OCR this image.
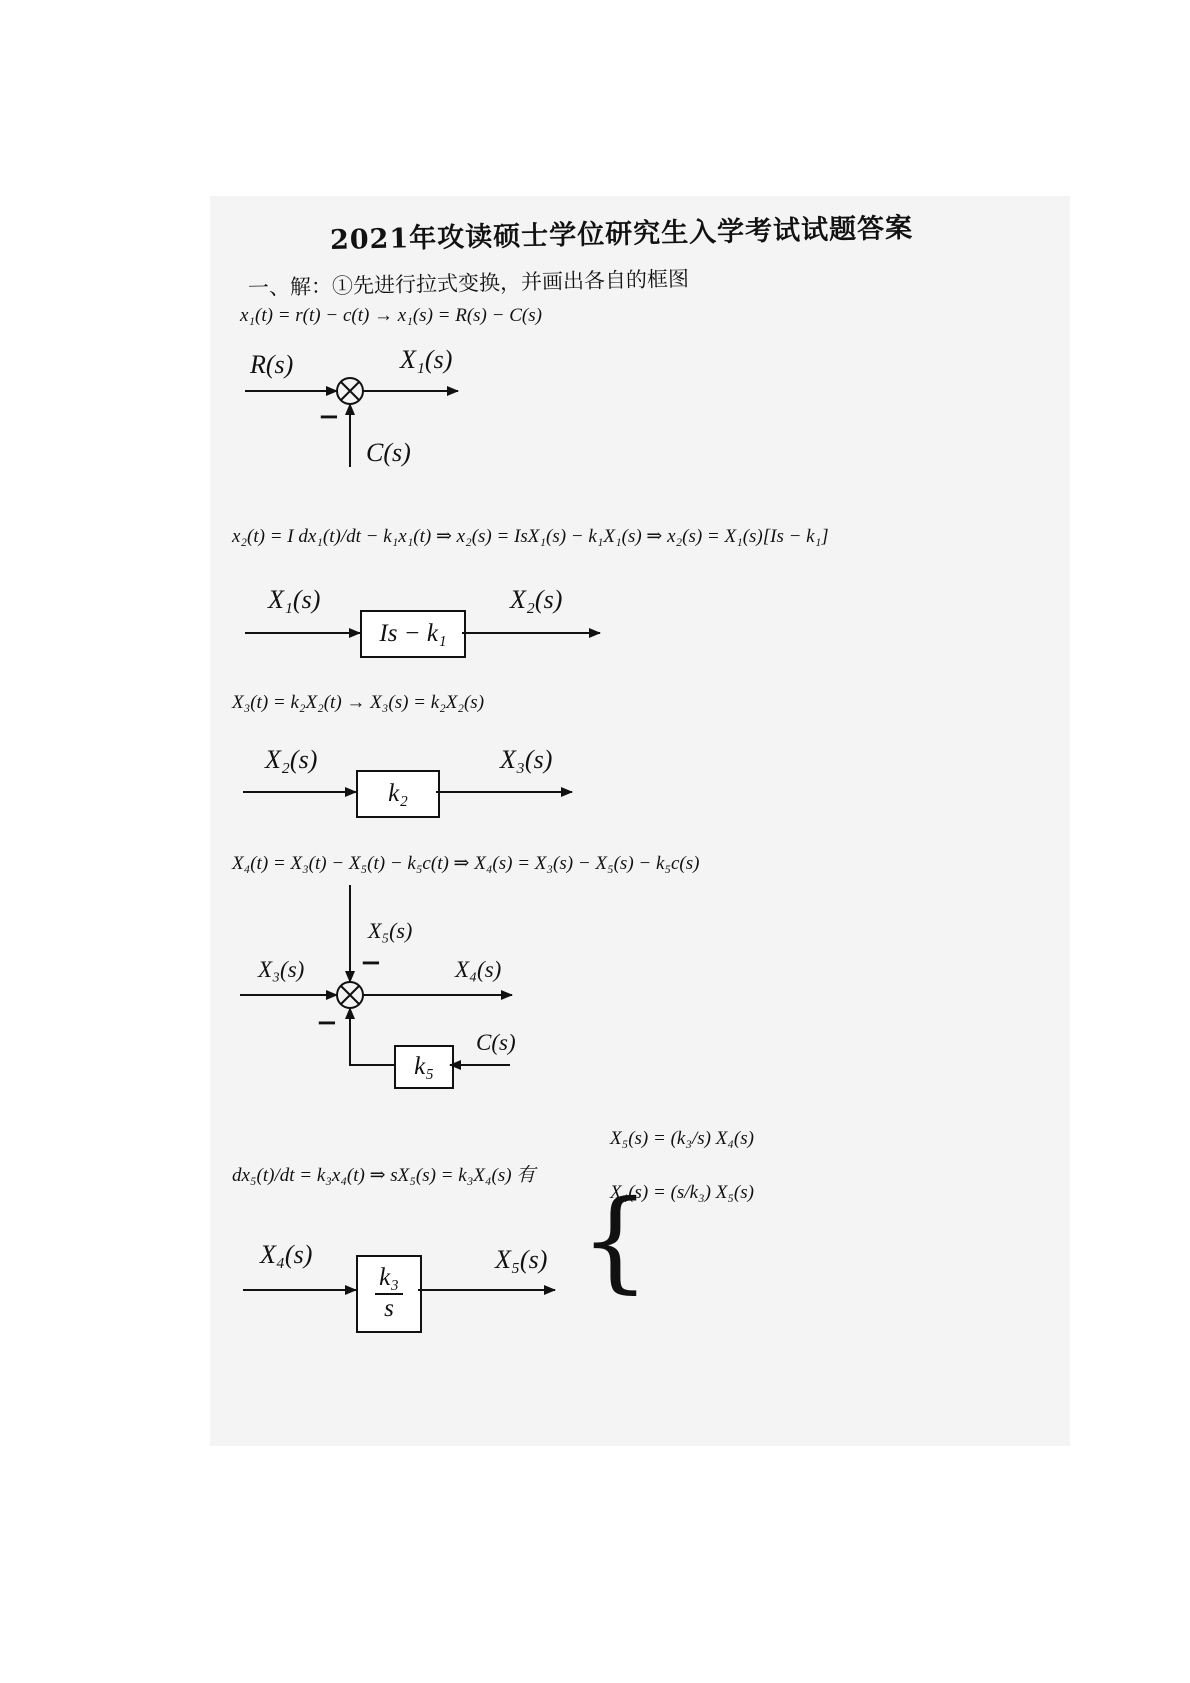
2021年攻读硕士学位研究生入学考试试题答案
一、解：①先进行拉式变换，并画出各自的框图
x₁(t) = r(t) − c(t) → x₁(s) = R(s) − C(s)
R(s)	X₁(s)
−
C(s)
x₂(t) = I dx₁(t)/dt − k₁x₁(t) ⇒ x₂(s) = IsX₁(s) − k₁X₁(s) ⇒ x₂(s) = X₁(s)[Is − k₁]
X₁(s)	X₂(s)
Is − k₁
X₃(t) = k₂X₂(t) → X₃(s) = k₂X₂(s)
X₂(s)	X₃(s)
k₂
X₄(t) = X₃(t) − X₅(t) − k₅c(t) ⇒ X₄(s) = X₃(s) − X₅(s) − k₅c(s)
X₅(s)
−
X₃(s)	X₄(s)
−
k₅
C(s)
dx₅(t)/dt = k₃x₄(t) ⇒ sX₅(s) = k₃X₄(s) 有
{
X₅(s) = (k₃/s) X₄(s)
X₄(s) = (s/k₃) X₅(s)
X₄(s)	X₅(s)
$\frac{\text{k₃}}{s}$
